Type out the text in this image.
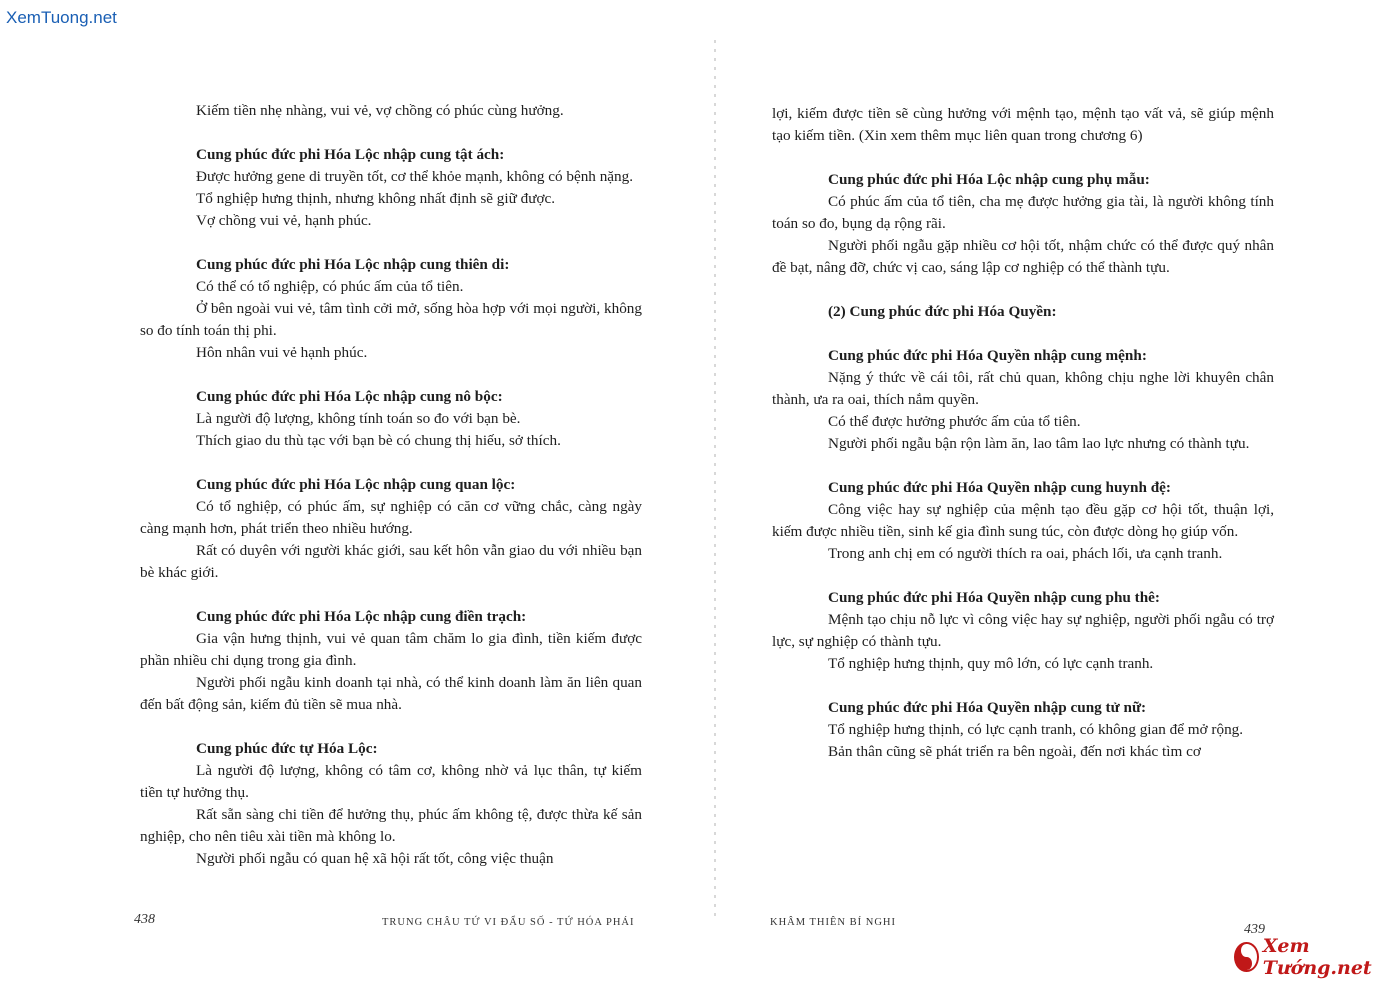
XemTuong.net

Kiếm tiền nhẹ nhàng, vui vẻ, vợ chồng có phúc cùng hưởng.

Cung phúc đức phi Hóa Lộc nhập cung tật ách:

Được hưởng gene di truyền tốt, cơ thể khỏe mạnh, không có bệnh nặng.

Tổ nghiệp hưng thịnh, nhưng không nhất định sẽ giữ được.

Vợ chồng vui vẻ, hạnh phúc.

Cung phúc đức phi Hóa Lộc nhập cung thiên di:

Có thể có tổ nghiệp, có phúc ấm của tổ tiên.

Ở bên ngoài vui vẻ, tâm tình cởi mở, sống hòa hợp với mọi người, không so đo tính toán thị phi.

Hôn nhân vui vẻ hạnh phúc.

Cung phúc đức phi Hóa Lộc nhập cung nô bộc:

Là người độ lượng, không tính toán so đo với bạn bè.

Thích giao du thù tạc với bạn bè có chung thị hiếu, sở thích.

Cung phúc đức phi Hóa Lộc nhập cung quan lộc:

Có tổ nghiệp, có phúc ấm, sự nghiệp có căn cơ vững chắc, càng ngày càng mạnh hơn, phát triển theo nhiều hướng.

Rất có duyên với người khác giới, sau kết hôn vẫn giao du với nhiều bạn bè khác giới.

Cung phúc đức phi Hóa Lộc nhập cung điền trạch:

Gia vận hưng thịnh, vui vẻ quan tâm chăm lo gia đình, tiền kiếm được phần nhiều chi dụng trong gia đình.

Người phối ngẫu kinh doanh tại nhà, có thể kinh doanh làm ăn liên quan đến bất động sản, kiếm đủ tiền sẽ mua nhà.

Cung phúc đức tự Hóa Lộc:

Là người độ lượng, không có tâm cơ, không nhờ vả lục thân, tự kiếm tiền tự hưởng thụ.

Rất sẵn sàng chi tiền để hưởng thụ, phúc ấm không tệ, được thừa kế sản nghiệp, cho nên tiêu xài tiền mà không lo.

Người phối ngẫu có quan hệ xã hội rất tốt, công việc thuận

438	TRUNG CHÂU TỨ VI ĐẨU SỐ - TỨ HÓA PHÁI

lợi, kiếm được tiền sẽ cùng hưởng với mệnh tạo, mệnh tạo vất vả, sẽ giúp mệnh tạo kiếm tiền. (Xin xem thêm mục liên quan trong chương 6)

Cung phúc đức phi Hóa Lộc nhập cung phụ mẫu:

Có phúc ấm của tổ tiên, cha mẹ được hưởng gia tài, là người không tính toán so đo, bụng dạ rộng rãi.

Người phối ngẫu gặp nhiều cơ hội tốt, nhậm chức có thể được quý nhân đề bạt, nâng đỡ, chức vị cao, sáng lập cơ nghiệp có thể thành tựu.

(2) Cung phúc đức phi Hóa Quyền:

Cung phúc đức phi Hóa Quyền nhập cung mệnh:

Nặng ý thức về cái tôi, rất chủ quan, không chịu nghe lời khuyên chân thành, ưa ra oai, thích nắm quyền.

Có thể được hưởng phước ấm của tổ tiên.

Người phối ngẫu bận rộn làm ăn, lao tâm lao lực nhưng có thành tựu.

Cung phúc đức phi Hóa Quyền nhập cung huynh đệ:

Công việc hay sự nghiệp của mệnh tạo đều gặp cơ hội tốt, thuận lợi, kiếm được nhiều tiền, sinh kế gia đình sung túc, còn được dòng họ giúp vốn.

Trong anh chị em có người thích ra oai, phách lối, ưa cạnh tranh.

Cung phúc đức phi Hóa Quyền nhập cung phu thê:

Mệnh tạo chịu nỗ lực vì công việc hay sự nghiệp, người phối ngẫu có trợ lực, sự nghiệp có thành tựu.

Tổ nghiệp hưng thịnh, quy mô lớn, có lực cạnh tranh.

Cung phúc đức phi Hóa Quyền nhập cung tử nữ:

Tổ nghiệp hưng thịnh, có lực cạnh tranh, có không gian để mở rộng.

Bản thân cũng sẽ phát triển ra bên ngoài, đến nơi khác tìm cơ

KHÂM THIÊN BÍ NGHI	439
Xem Tướng.net
